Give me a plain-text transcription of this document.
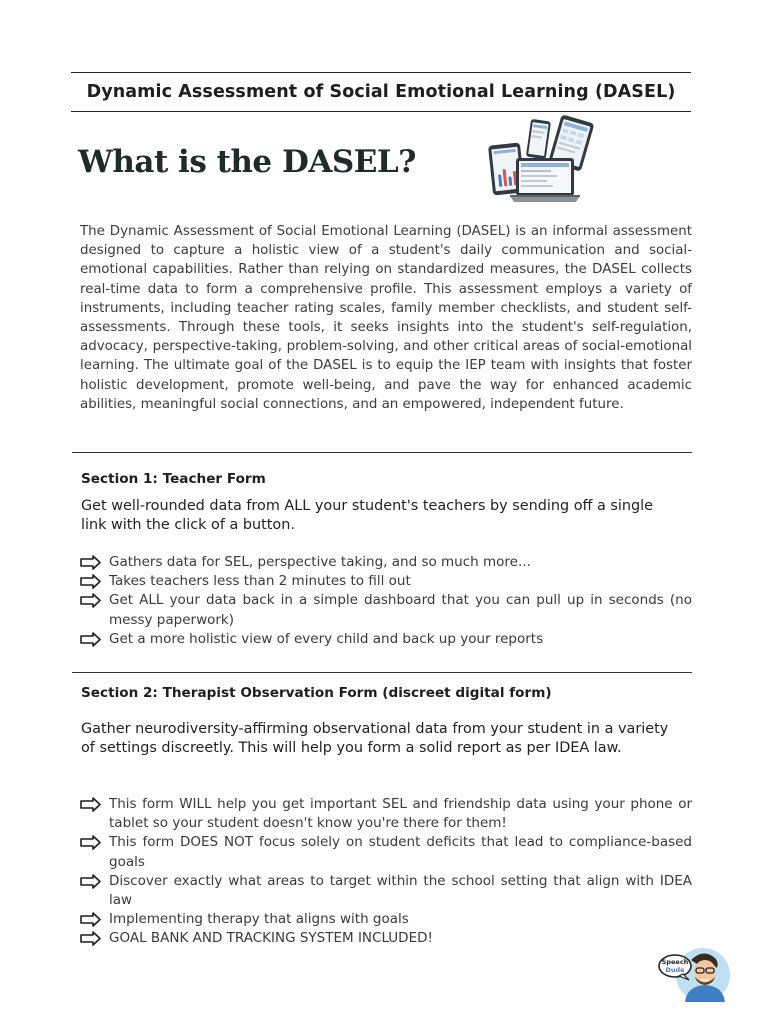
Dynamic Assessment of Social Emotional Learning (DASEL)
What is the DASEL?

The Dynamic Assessment of Social Emotional Learning (DASEL) is an informal assessment designed to capture a holistic view of a student's daily communication and social-emotional capabilities. Rather than relying on standardized measures, the DASEL collects real-time data to form a comprehensive profile. This assessment employs a variety of instruments, including teacher rating scales, family member checklists, and student self-assessments. Through these tools, it seeks insights into the student's self-regulation, advocacy, perspective-taking, problem-solving, and other critical areas of social-emotional learning. The ultimate goal of the DASEL is to equip the IEP team with insights that foster holistic development, promote well-being, and pave the way for enhanced academic abilities, meaningful social connections, and an empowered, independent future.

Section 1: Teacher Form

Get well-rounded data from ALL your student's teachers by sending off a single link with the click of a button.

Gathers data for SEL, perspective taking, and so much more...
Takes teachers less than 2 minutes to fill out
Get ALL your data back in a simple dashboard that you can pull up in seconds (no messy paperwork)
Get a more holistic view of every child and back up your reports
Section 2: Therapist Observation Form (discreet digital form)

Gather neurodiversity-affirming observational data from your student in a variety of settings discreetly. This will help you form a solid report as per IDEA law.

This form WILL help you get important SEL and friendship data using your phone or tablet so your student doesn't know you're there for them!
This form DOES NOT focus solely on student deficits that lead to compliance-based goals
Discover exactly what areas to target within the school setting that align with IDEA law
Implementing therapy that aligns with goals
GOAL BANK AND TRACKING SYSTEM INCLUDED!
Speech
Dude
